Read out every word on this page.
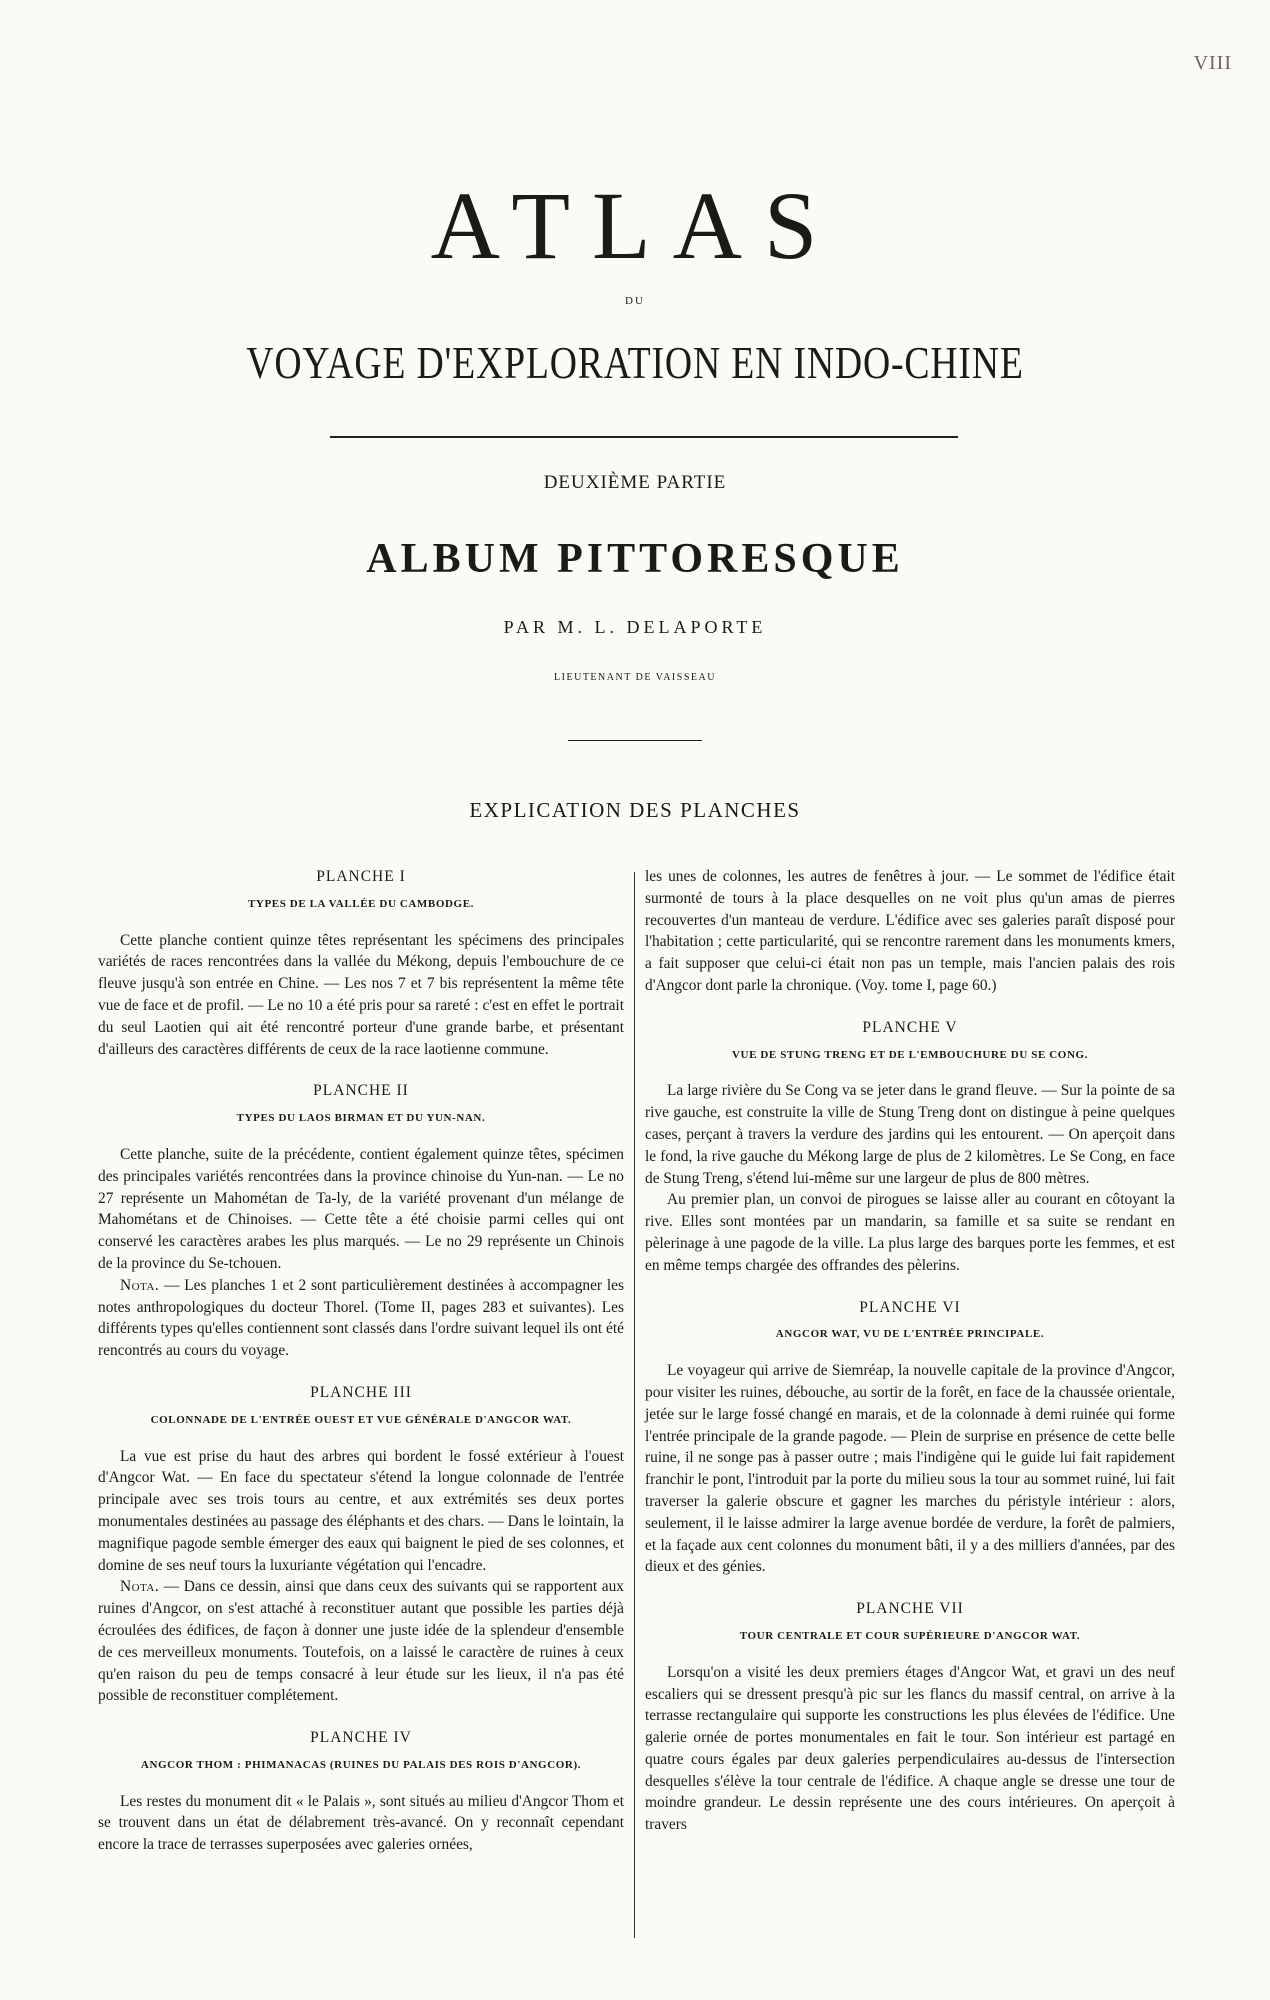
VIII
ATLAS
DU
VOYAGE D'EXPLORATION EN INDO-CHINE
DEUXIÈME PARTIE
ALBUM PITTORESQUE
PAR M. L. DELAPORTE
LIEUTENANT DE VAISSEAU
EXPLICATION DES PLANCHES

PLANCHE I

TYPES DE LA VALLÉE DU CAMBODGE.

Cette planche contient quinze têtes représentant les spécimens des principales variétés de races rencontrées dans la vallée du Mékong, depuis l'embouchure de ce fleuve jusqu'à son entrée en Chine. — Les nos 7 et 7 bis représentent la même tête vue de face et de profil. — Le no 10 a été pris pour sa rareté : c'est en effet le portrait du seul Laotien qui ait été rencontré porteur d'une grande barbe, et présentant d'ailleurs des caractères différents de ceux de la race laotienne commune.

PLANCHE II

TYPES DU LAOS BIRMAN ET DU YUN-NAN.

Cette planche, suite de la précédente, contient également quinze têtes, spécimen des principales variétés rencontrées dans la province chinoise du Yun-nan. — Le no 27 représente un Mahométan de Ta-ly, de la variété provenant d'un mélange de Mahométans et de Chinoises. — Cette tête a été choisie parmi celles qui ont conservé les caractères arabes les plus marqués. — Le no 29 représente un Chinois de la province du Se-tchouen.

Nota. — Les planches 1 et 2 sont particulièrement destinées à accompagner les notes anthropologiques du docteur Thorel. (Tome II, pages 283 et suivantes). Les différents types qu'elles contiennent sont classés dans l'ordre suivant lequel ils ont été rencontrés au cours du voyage.

PLANCHE III

COLONNADE DE L'ENTRÉE OUEST ET VUE GÉNÉRALE D'ANGCOR WAT.

La vue est prise du haut des arbres qui bordent le fossé extérieur à l'ouest d'Angcor Wat. — En face du spectateur s'étend la longue colonnade de l'entrée principale avec ses trois tours au centre, et aux extrémités ses deux portes monumentales destinées au passage des éléphants et des chars. — Dans le lointain, la magnifique pagode semble émerger des eaux qui baignent le pied de ses colonnes, et domine de ses neuf tours la luxuriante végétation qui l'encadre.

Nota. — Dans ce dessin, ainsi que dans ceux des suivants qui se rapportent aux ruines d'Angcor, on s'est attaché à reconstituer autant que possible les parties déjà écroulées des édifices, de façon à donner une juste idée de la splendeur d'ensemble de ces merveilleux monuments. Toutefois, on a laissé le caractère de ruines à ceux qu'en raison du peu de temps consacré à leur étude sur les lieux, il n'a pas été possible de reconstituer complétement.

PLANCHE IV

ANGCOR THOM : PHIMANACAS (RUINES DU PALAIS DES ROIS D'ANGCOR).

Les restes du monument dit « le Palais », sont situés au milieu d'Angcor Thom et se trouvent dans un état de délabrement très-avancé. On y reconnaît cependant encore la trace de terrasses superposées avec galeries ornées,

les unes de colonnes, les autres de fenêtres à jour. — Le sommet de l'édifice était surmonté de tours à la place desquelles on ne voit plus qu'un amas de pierres recouvertes d'un manteau de verdure. L'édifice avec ses galeries paraît disposé pour l'habitation ; cette particularité, qui se rencontre rarement dans les monuments kmers, a fait supposer que celui-ci était non pas un temple, mais l'ancien palais des rois d'Angcor dont parle la chronique. (Voy. tome I, page 60.)

PLANCHE V

VUE DE STUNG TRENG ET DE L'EMBOUCHURE DU SE CONG.

La large rivière du Se Cong va se jeter dans le grand fleuve. — Sur la pointe de sa rive gauche, est construite la ville de Stung Treng dont on distingue à peine quelques cases, perçant à travers la verdure des jardins qui les entourent. — On aperçoit dans le fond, la rive gauche du Mékong large de plus de 2 kilomètres. Le Se Cong, en face de Stung Treng, s'étend lui-même sur une largeur de plus de 800 mètres.

Au premier plan, un convoi de pirogues se laisse aller au courant en côtoyant la rive. Elles sont montées par un mandarin, sa famille et sa suite se rendant en pèlerinage à une pagode de la ville. La plus large des barques porte les femmes, et est en même temps chargée des offrandes des pèlerins.

PLANCHE VI

ANGCOR WAT, VU DE L'ENTRÉE PRINCIPALE.

Le voyageur qui arrive de Siemréap, la nouvelle capitale de la province d'Angcor, pour visiter les ruines, débouche, au sortir de la forêt, en face de la chaussée orientale, jetée sur le large fossé changé en marais, et de la colonnade à demi ruinée qui forme l'entrée principale de la grande pagode. — Plein de surprise en présence de cette belle ruine, il ne songe pas à passer outre ; mais l'indigène qui le guide lui fait rapidement franchir le pont, l'introduit par la porte du milieu sous la tour au sommet ruiné, lui fait traverser la galerie obscure et gagner les marches du péristyle intérieur : alors, seulement, il le laisse admirer la large avenue bordée de verdure, la forêt de palmiers, et la façade aux cent colonnes du monument bâti, il y a des milliers d'années, par des dieux et des génies.

PLANCHE VII

TOUR CENTRALE ET COUR SUPÉRIEURE D'ANGCOR WAT.

Lorsqu'on a visité les deux premiers étages d'Angcor Wat, et gravi un des neuf escaliers qui se dressent presqu'à pic sur les flancs du massif central, on arrive à la terrasse rectangulaire qui supporte les constructions les plus élevées de l'édifice. Une galerie ornée de portes monumentales en fait le tour. Son intérieur est partagé en quatre cours égales par deux galeries perpendiculaires au-dessus de l'intersection desquelles s'élève la tour centrale de l'édifice. A chaque angle se dresse une tour de moindre grandeur. Le dessin représente une des cours intérieures. On aperçoit à travers
